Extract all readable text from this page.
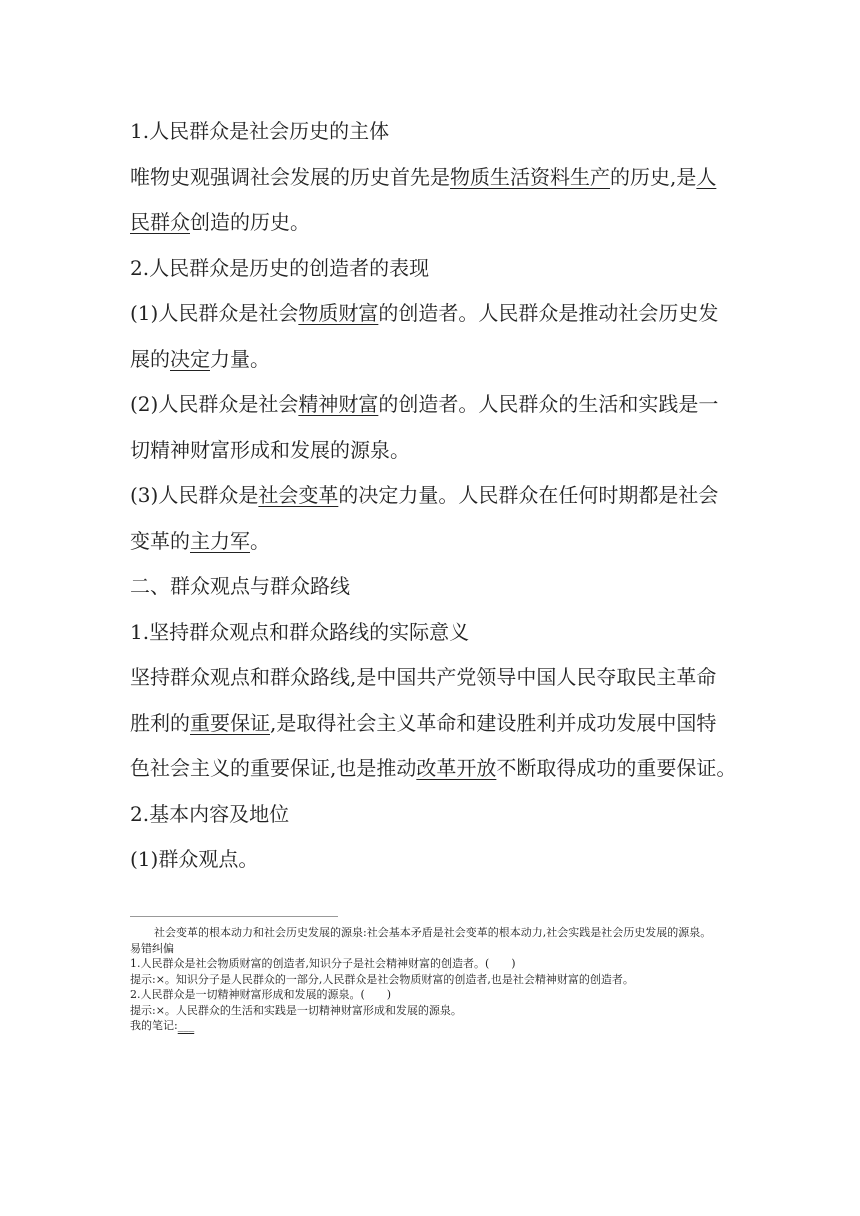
1.人民群众是社会历史的主体

唯物史观强调社会发展的历史首先是物质生活资料生产的历史,是人

民群众创造的历史。

2.人民群众是历史的创造者的表现

(1)人民群众是社会物质财富的创造者。人民群众是推动社会历史发

展的决定力量。

(2)人民群众是社会精神财富的创造者。人民群众的生活和实践是一

切精神财富形成和发展的源泉。

(3)人民群众是社会变革的决定力量。人民群众在任何时期都是社会

变革的主力军。

二、群众观点与群众路线

1.坚持群众观点和群众路线的实际意义

坚持群众观点和群众路线,是中国共产党领导中国人民夺取民主革命

胜利的重要保证,是取得社会主义革命和建设胜利并成功发展中国特

色社会主义的重要保证,也是推动改革开放不断取得成功的重要保证。

2.基本内容及地位

(1)群众观点。

社会变革的根本动力和社会历史发展的源泉:社会基本矛盾是社会变革的根本动力,社会实践是社会历史发展的源泉。

易错纠偏

1.人民群众是社会物质财富的创造者,知识分子是社会精神财富的创造者。(　　)

提示:×。知识分子是人民群众的一部分,人民群众是社会物质财富的创造者,也是社会精神财富的创造者。

2.人民群众是一切精神财富形成和发展的源泉。(　　)

提示:×。人民群众的生活和实践是一切精神财富形成和发展的源泉。

我的笔记:___
